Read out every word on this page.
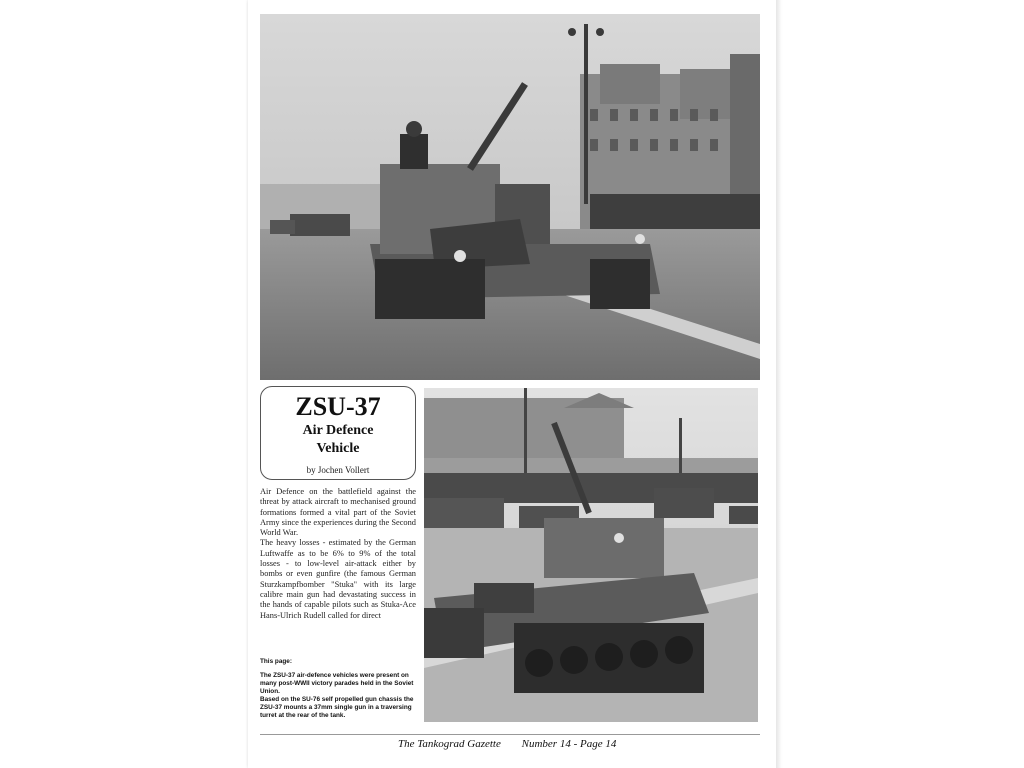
ZSU-37
Air Defence
Vehicle
by Jochen Vollert

Air Defence on the battlefield against the threat by attack aircraft to mechanised ground formations formed a vital part of the Soviet Army since the experiences during the Second World War.

The heavy losses - estimated by the German Luftwaffe as to be 6% to 9% of the total losses - to low-level air-attack either by bombs or even gunfire (the famous German Sturzkampfbomber "Stuka" with its large calibre main gun had devastating success in the hands of capable pilots such as Stuka-Ace Hans-Ulrich Rudell called for direct

This page:

The ZSU-37 air-defence vehicles were present on many post-WWII victory parades held in the Soviet Union.

Based on the SU-76 self propelled gun chassis the ZSU-37 mounts a 37mm single gun in a traversing turret at the rear of the tank.

The Tankograd Gazette Number 14 - Page 14
